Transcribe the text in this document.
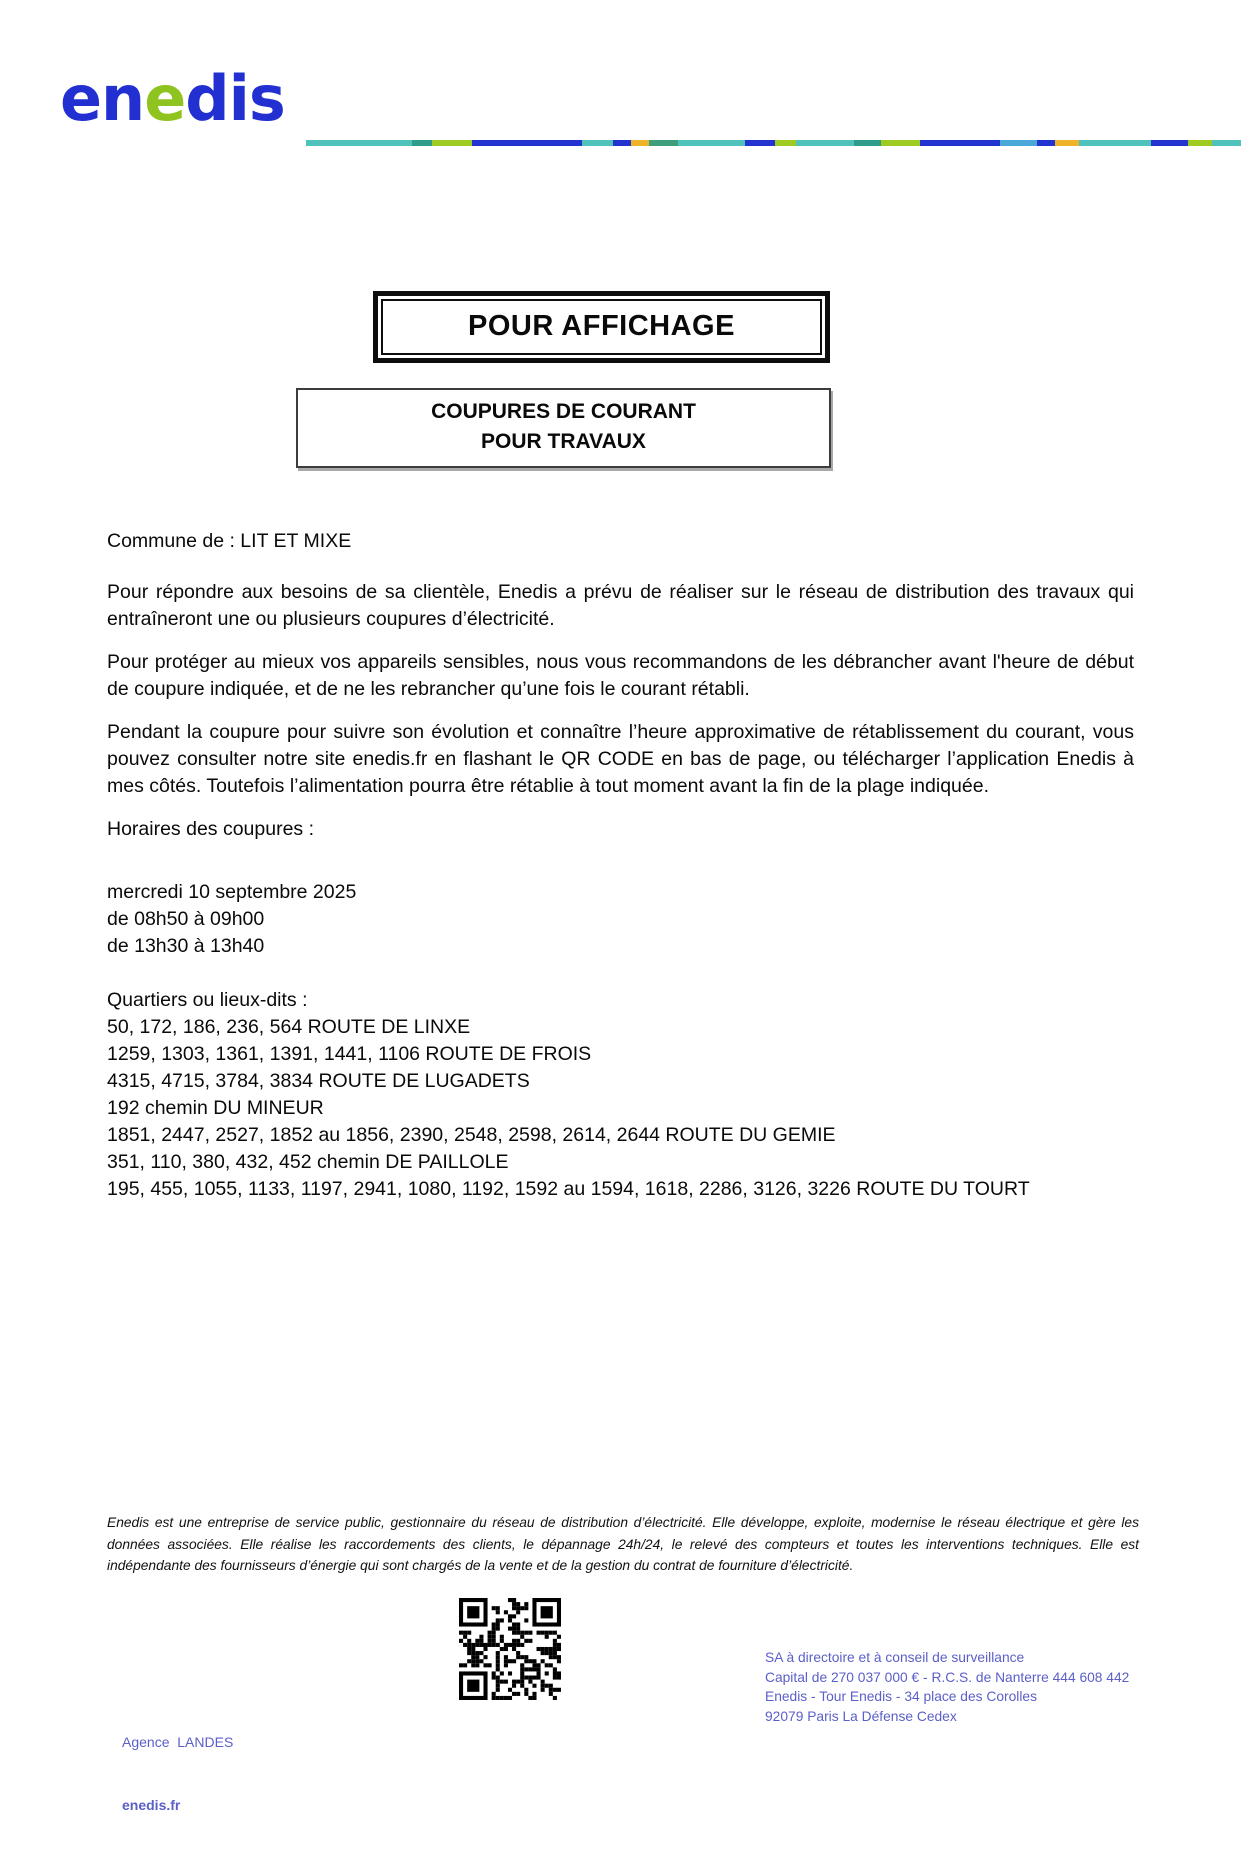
enedis
POUR AFFICHAGE
COUPURES DE COURANT
POUR TRAVAUX
Commune de : LIT ET MIXE
Pour répondre aux besoins de sa clientèle, Enedis a prévu de réaliser sur le réseau de distribution des travaux qui entraîneront une ou plusieurs coupures d’électricité.
Pour protéger au mieux vos appareils sensibles, nous vous recommandons de les débrancher avant l'heure de début de coupure indiquée, et de ne les rebrancher qu’une fois le courant rétabli.
Pendant la coupure pour suivre son évolution et connaître l’heure approximative de rétablissement du courant, vous pouvez consulter notre site enedis.fr en flashant le QR CODE en bas de page, ou télécharger l’application Enedis à mes côtés. Toutefois l’alimentation pourra être rétablie à tout moment avant la fin de la plage indiquée.
Horaires des coupures :
mercredi 10 septembre 2025
de 08h50 à 09h00
de 13h30 à 13h40
Quartiers ou lieux-dits :
50, 172, 186, 236, 564 ROUTE DE LINXE
1259, 1303, 1361, 1391, 1441, 1106 ROUTE DE FROIS
4315, 4715, 3784, 3834 ROUTE DE LUGADETS
192 chemin DU MINEUR
1851, 2447, 2527, 1852 au 1856, 2390, 2548, 2598, 2614, 2644 ROUTE DU GEMIE
351, 110, 380, 432, 452 chemin DE PAILLOLE
195, 455, 1055, 1133, 1197, 2941, 1080, 1192, 1592 au 1594, 1618, 2286, 3126, 3226 ROUTE DU TOURT
Enedis est une entreprise de service public, gestionnaire du réseau de distribution d’électricité. Elle développe, exploite, modernise le réseau électrique et gère les données associées. Elle réalise les raccordements des clients, le dépannage 24h/24, le relevé des compteurs et toutes les interventions techniques. Elle est indépendante des fournisseurs d’énergie qui sont chargés de la vente et de la gestion du contrat de fourniture d’électricité.

Agence  LANDES

enedis.fr

SA à directoire et à conseil de surveillance
Capital de 270 037 000 € - R.C.S. de Nanterre 444 608 442
Enedis - Tour Enedis - 34 place des Corolles
92079 Paris La Défense Cedex
